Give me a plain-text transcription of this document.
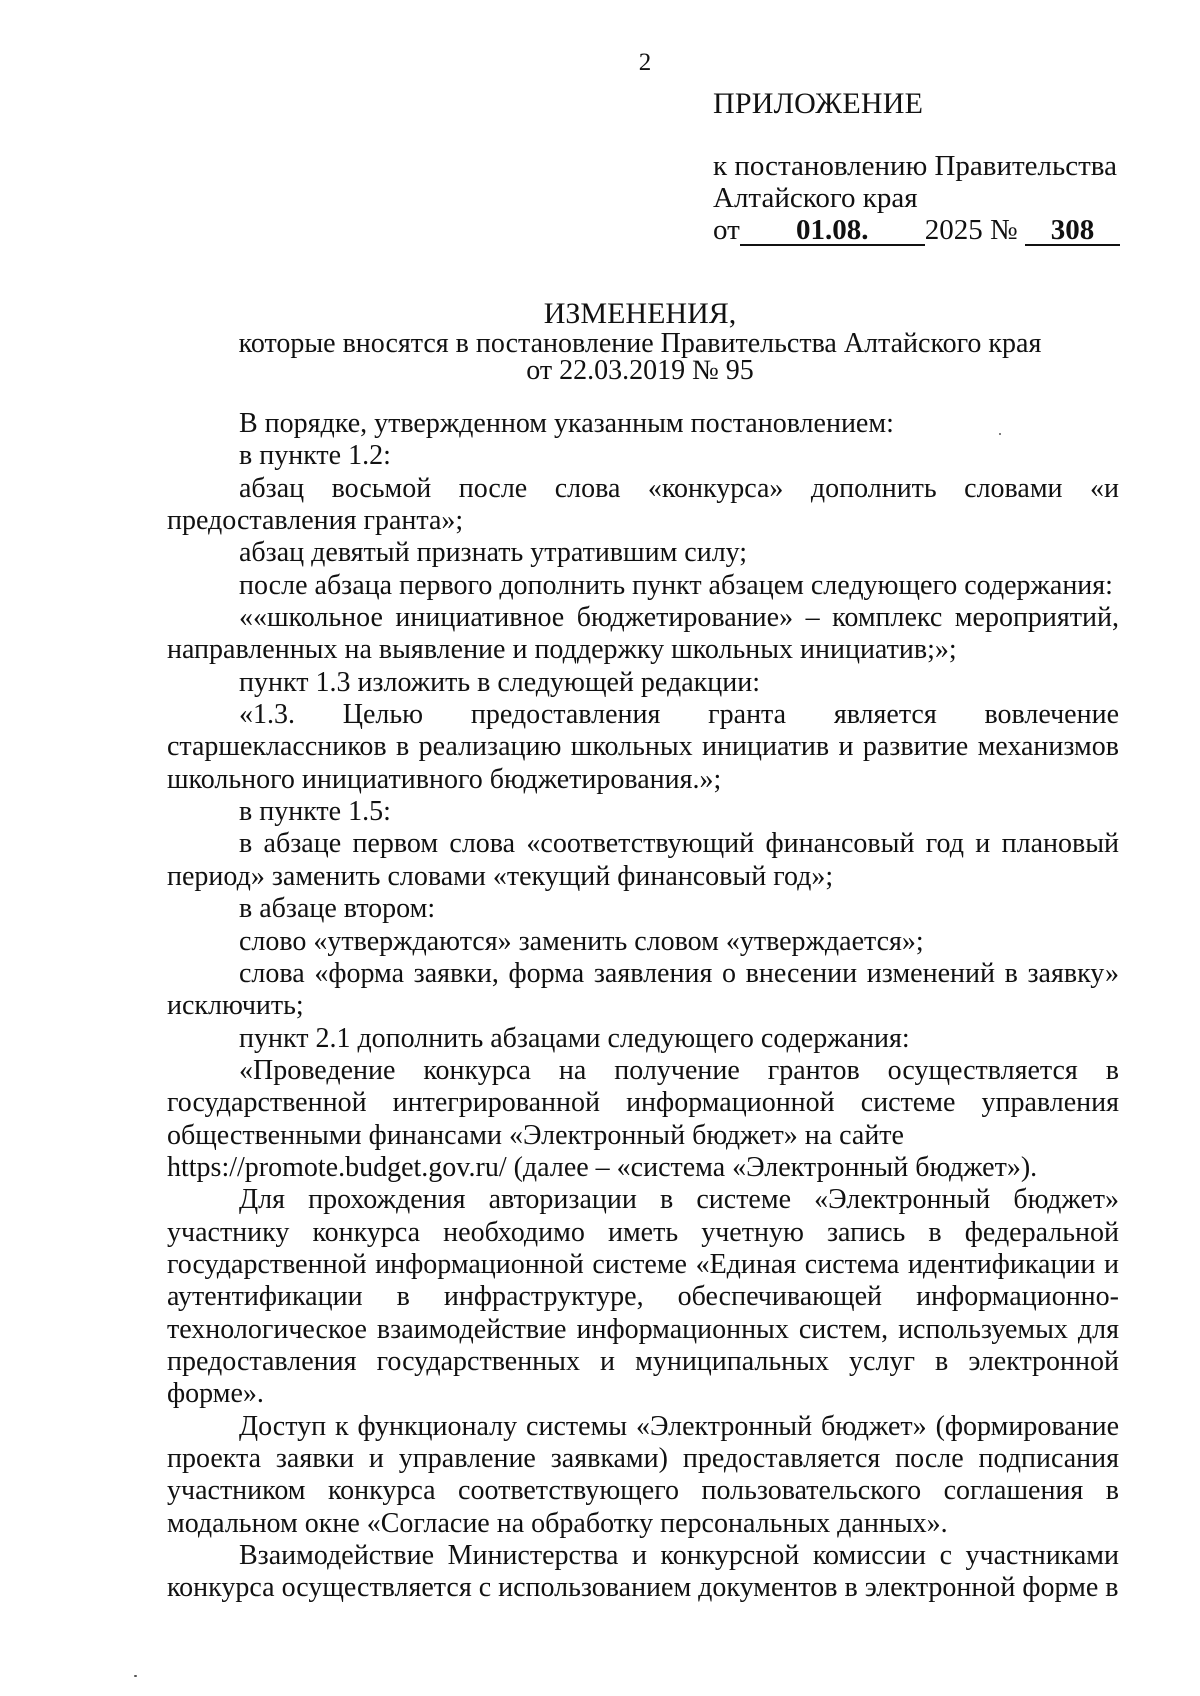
2
ПРИЛОЖЕНИЕ
к постановлению Правительства
Алтайского края
от 01.08. 2025 № 308
ИЗМЕНЕНИЯ,
которые вносятся в постановление Правительства Алтайского края
от 22.03.2019 № 95

В порядке, утвержденном указанным постановлением:

в пункте 1.2:

абзац восьмой после слова «конкурса» дополнить словами «и предоставления гранта»;

абзац девятый признать утратившим силу;

после абзаца первого дополнить пункт абзацем следующего содержания:

««школьное инициативное бюджетирование» – комплекс мероприятий, направленных на выявление и поддержку школьных инициатив;»;

пункт 1.3 изложить в следующей редакции:

«1.3. Целью предоставления гранта является вовлечение старшеклассников в реализацию школьных инициатив и развитие механизмов школьного инициативного бюджетирования.»;

в пункте 1.5:

в абзаце первом слова «соответствующий финансовый год и плановый период» заменить словами «текущий финансовый год»;

в абзаце втором:

слово «утверждаются» заменить словом «утверждается»;

слова «форма заявки, форма заявления о внесении изменений в заявку» исключить;

пункт 2.1 дополнить абзацами следующего содержания:

«Проведение конкурса на получение грантов осуществляется в государственной интегрированной информационной системе управления общественными финансами «Электронный бюджет» на сайте

https://promote.budget.gov.ru/ (далее – «система «Электронный бюджет»).

Для прохождения авторизации в системе «Электронный бюджет» участнику конкурса необходимо иметь учетную запись в федеральной государственной информационной системе «Единая система идентификации и аутентификации в инфраструктуре, обеспечивающей информационно-технологическое взаимодействие информационных систем, используемых для предоставления государственных и муниципальных услуг в электронной форме».

Доступ к функционалу системы «Электронный бюджет» (формирование проекта заявки и управление заявками) предоставляется после подписания участником конкурса соответствующего пользовательского соглашения в модальном окне «Согласие на обработку персональных данных».

Взаимодействие Министерства и конкурсной комиссии с участниками конкурса осуществляется с использованием документов в электронной форме в
